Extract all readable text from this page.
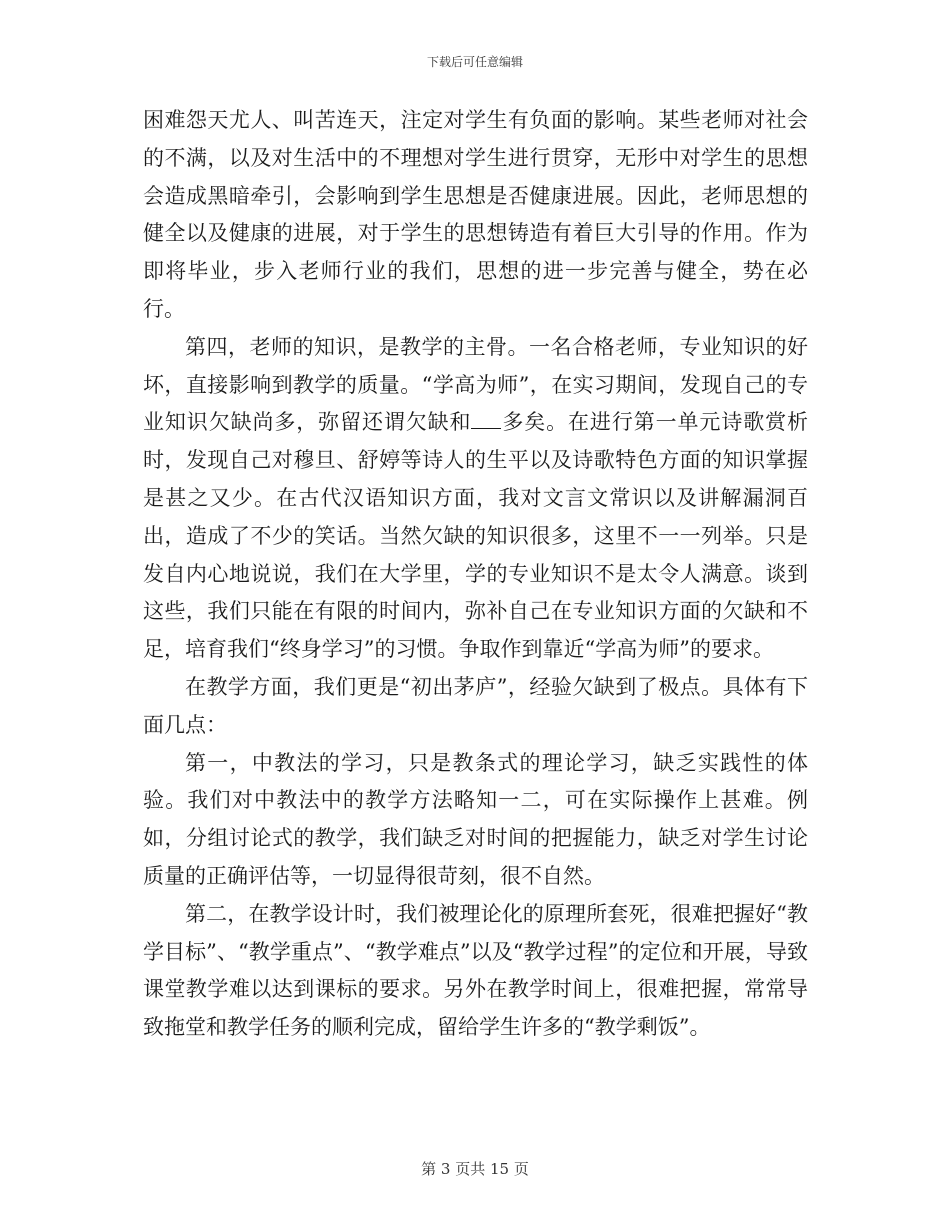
下载后可任意编辑

困难怨天尤人、叫苦连天，注定对学生有负面的影响。某些老师对社会的不满，以及对生活中的不理想对学生进行贯穿，无形中对学生的思想会造成黑暗牵引，会影响到学生思想是否健康进展。因此，老师思想的健全以及健康的进展，对于学生的思想铸造有着巨大引导的作用。作为即将毕业，步入老师行业的我们，思想的进一步完善与健全，势在必行。

第四，老师的知识，是教学的主骨。一名合格老师，专业知识的好坏，直接影响到教学的质量。“学高为师”，在实习期间，发现自己的专业知识欠缺尚多，弥留还谓欠缺和 多矣。在进行第一单元诗歌赏析时，发现自己对穆旦、舒婷等诗人的生平以及诗歌特色方面的知识掌握是甚之又少。在古代汉语知识方面，我对文言文常识以及讲解漏洞百出，造成了不少的笑话。当然欠缺的知识很多，这里不一一列举。只是发自内心地说说，我们在大学里，学的专业知识不是太令人满意。谈到这些，我们只能在有限的时间内，弥补自己在专业知识方面的欠缺和不足，培育我们“终身学习”的习惯。争取作到靠近“学高为师”的要求。

在教学方面，我们更是“初出茅庐”，经验欠缺到了极点。具体有下面几点：

第一，中教法的学习，只是教条式的理论学习，缺乏实践性的体验。我们对中教法中的教学方法略知一二，可在实际操作上甚难。例如，分组讨论式的教学，我们缺乏对时间的把握能力，缺乏对学生讨论质量的正确评估等，一切显得很苛刻，很不自然。

第二，在教学设计时，我们被理论化的原理所套死，很难把握好“教学目标”、“教学重点”、“教学难点”以及“教学过程”的定位和开展，导致课堂教学难以达到课标的要求。另外在教学时间上，很难把握，常常导致拖堂和教学任务的顺利完成，留给学生许多的“教学剩饭”。

第 3 页共 15 页
